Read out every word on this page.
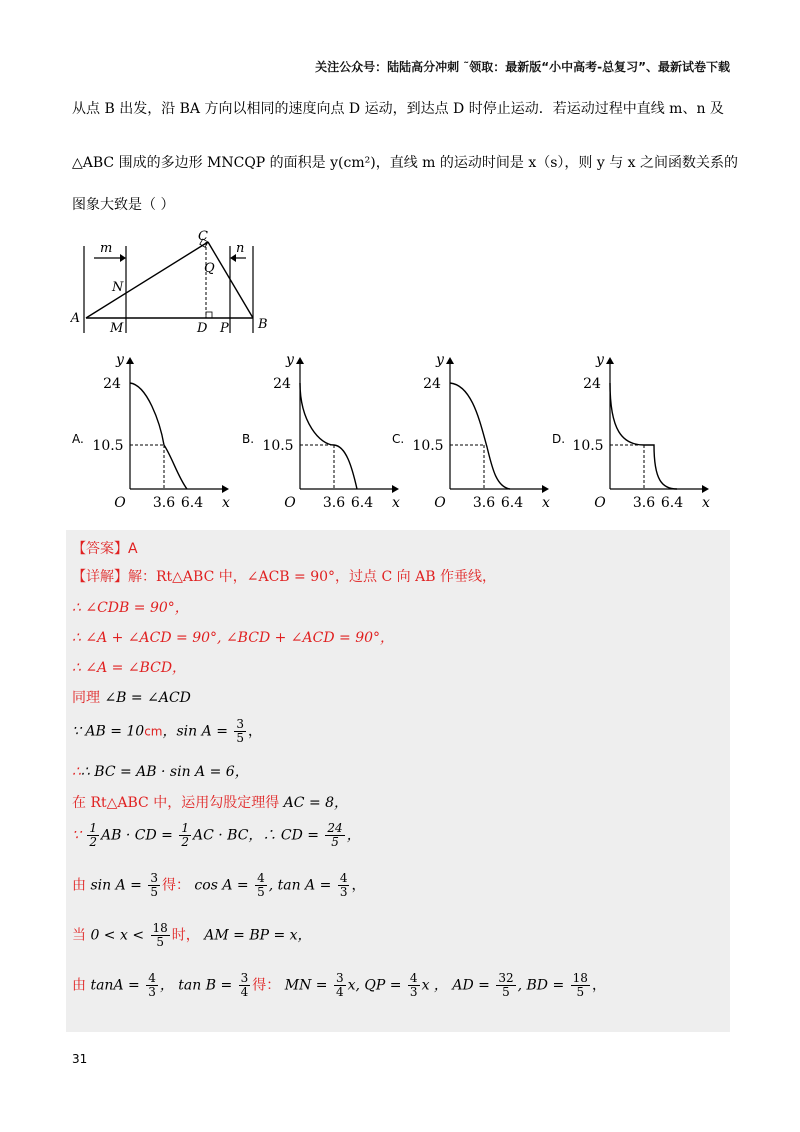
关注公众号：陆陆高分冲刺 ˜领取：最新版“小中高考-总复习”、最新试卷下载
从点 B 出发，沿 BA 方向以相同的速度向点 D 运动，到达点 D 时停止运动．若运动过程中直线 m、n 及
△ABC 围成的多边形 MNCQP 的面积是 y(cm²)，直线 m 的运动时间是 x（s），则 y 与 x 之间函数关系的
图象大致是（ ）
A	B
C
N
Q
M	D P
m	n
24
10.5
3.6 6.4
O	x
y
A.
24
10.5
3.6 6.4
O	x
y
B.
24
10.5
3.6 6.4
O	x
y
C.
24
10.5
3.6 6.4
O	x
y
D.
【答案】A
【详解】解：Rt△ABC 中，∠ACB = 90°，过点 C 向 AB 作垂线，
∴ ∠CDB = 90°，
∴ ∠A + ∠ACD = 90°, ∠BCD + ∠ACD = 90°，
∴ ∠A = ∠BCD，
同理 ∠B = ∠ACD
∵ AB = 10cm，$\sin A = \frac{3}{5}$ ，
∴∴ BC = AB · sin A = 6，
在 Rt△ABC 中，运用勾股定理得 AC = 8，
∵ $\frac{1}{2}$ AB · CD = $\frac{1}{2}$ AC · BC，∴ CD = $\frac{24}{5}$ ，
由 $\sin A = \frac{3}{5}$ 得： $\cos A = \frac{4}{5}$ , $\tan A = \frac{4}{3}$ ，
当 $0 < x < \frac{18}{5}$ 时， AM = BP = x，
由 $\tan A = \frac{4}{3}$ ， $\tan B = \frac{3}{4}$ 得： MN = $\frac{3}{4} x$, QP = $\frac{4}{3}$ x ， AD = $\frac{32}{5}$ , BD = $\frac{18}{5}$ ，
31
